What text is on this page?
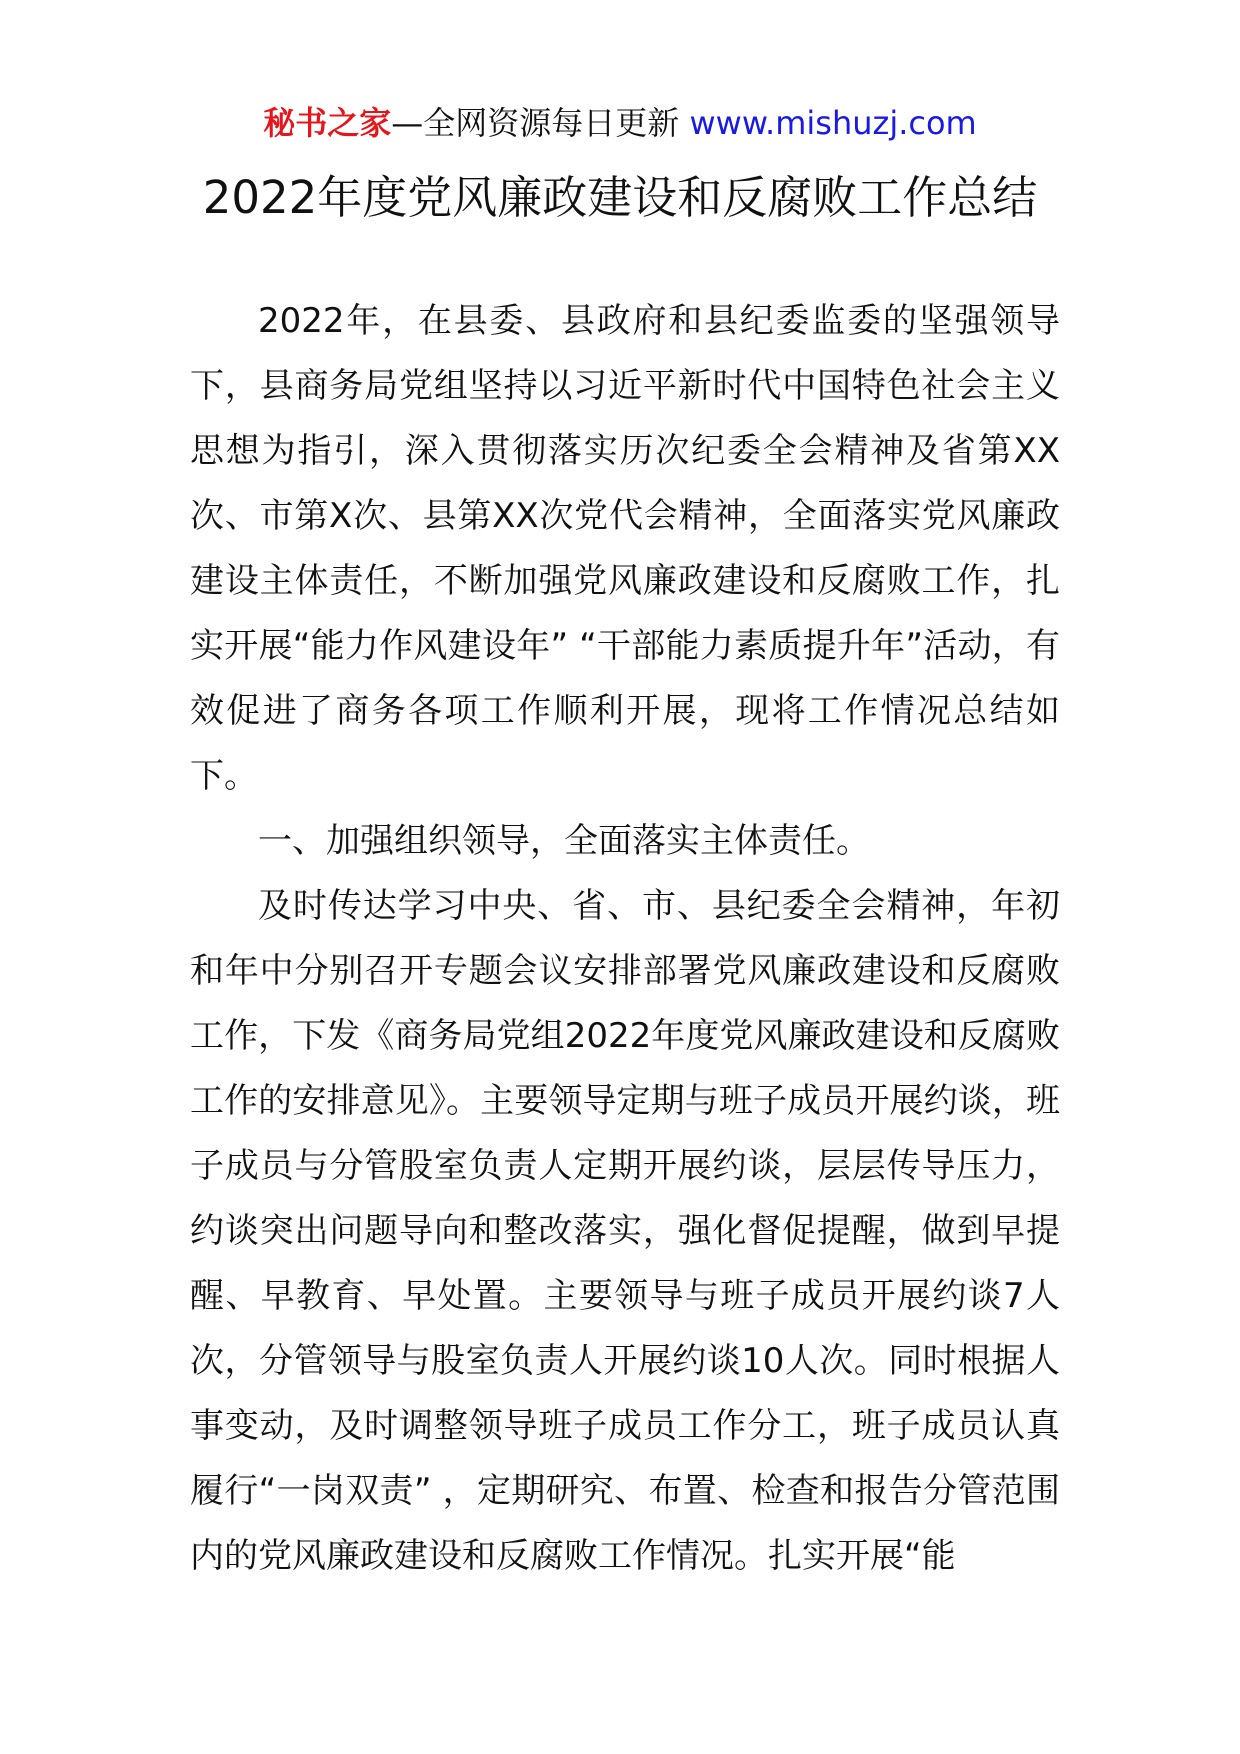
秘书之家—全网资源每日更新 www.mishuzj.com
2022年度党风廉政建设和反腐败工作总结

2022年，在县委、县政府和县纪委监委的坚强领导下，县商务局党组坚持以习近平新时代中国特色社会主义思想为指引，深入贯彻落实历次纪委全会精神及省第XX次、市第X次、县第XX次党代会精神，全面落实党风廉政建设主体责任，不断加强党风廉政建设和反腐败工作，扎实开展“能力作风建设年” “干部能力素质提升年”活动，有效促进了商务各项工作顺利开展，现将工作情况总结如下。

一、加强组织领导，全面落实主体责任。

及时传达学习中央、省、市、县纪委全会精神，年初和年中分别召开专题会议安排部署党风廉政建设和反腐败工作，下发《商务局党组2022年度党风廉政建设和反腐败工作的安排意见》。主要领导定期与班子成员开展约谈，班子成员与分管股室负责人定期开展约谈，层层传导压力，约谈突出问题导向和整改落实，强化督促提醒，做到早提醒、早教育、早处置。主要领导与班子成员开展约谈7人次，分管领导与股室负责人开展约谈10人次。同时根据人事变动，及时调整领导班子成员工作分工，班子成员认真履行“一岗双责” ，定期研究、布置、检查和报告分管范围内的党风廉政建设和反腐败工作情况。扎实开展“能
